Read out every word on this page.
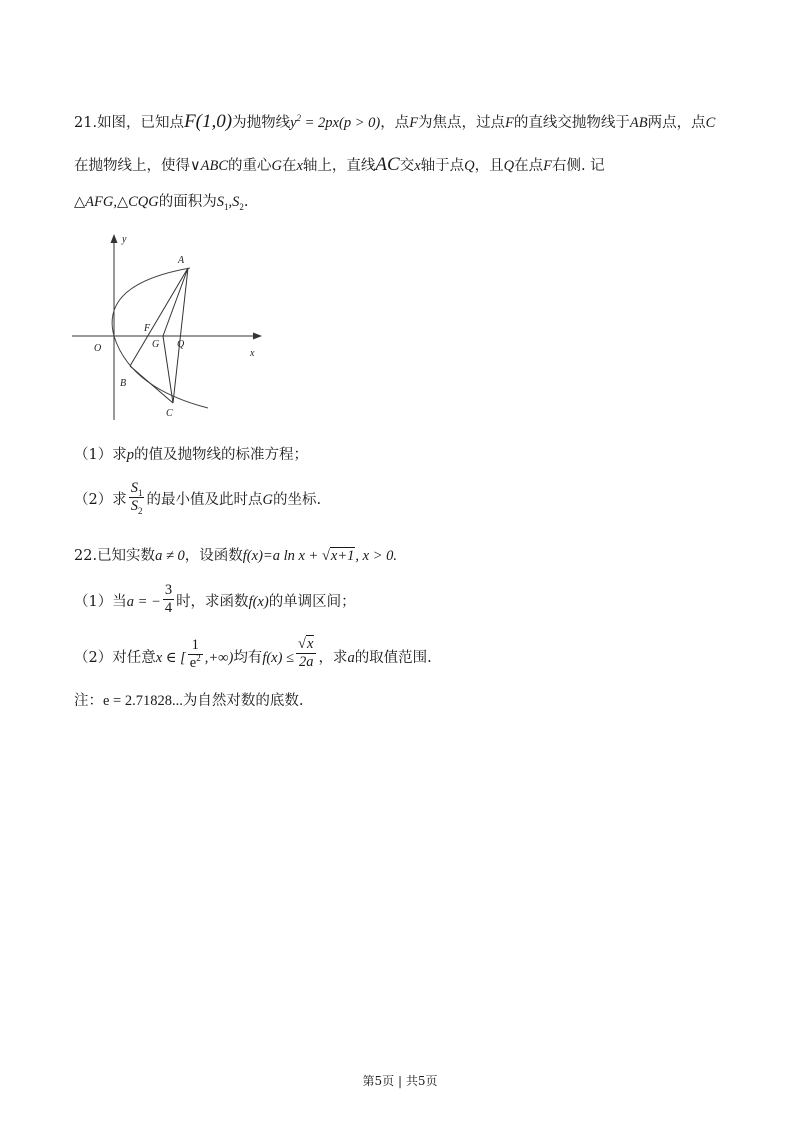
21.如图，已知点F(1,0)为抛物线$y^2 = 2px(p > 0)$，点F为焦点，过点F的直线交抛物线于AB两点，点C
在抛物线上，使得∨ABC的重心G在x轴上，直线AC交x轴于点Q，且Q在点F右侧. 记
△AFG,△CQG的面积为$S_1,S_2$.
y
x
A
B
C
F
G Q
O
（1）求p的值及抛物线的标准方程；
（2）求 $\frac{S_1}{S_2}$ 的最小值及此时点G的坐标.
22.已知实数a ≠ 0，设函数f(x)=a ln x + √x+1, x > 0.
（1）当a = − $\frac{3}{4}$ 时，求函数f(x)的单调区间；
（2）对任意x ∈ [ $\frac{1}{e^2}$ ,+∞)均有$f(x) \le \frac{√x}{2a}$ ，求a的取值范围.
注：e = 2.71828...为自然对数的底数.
第5页 | 共5页
